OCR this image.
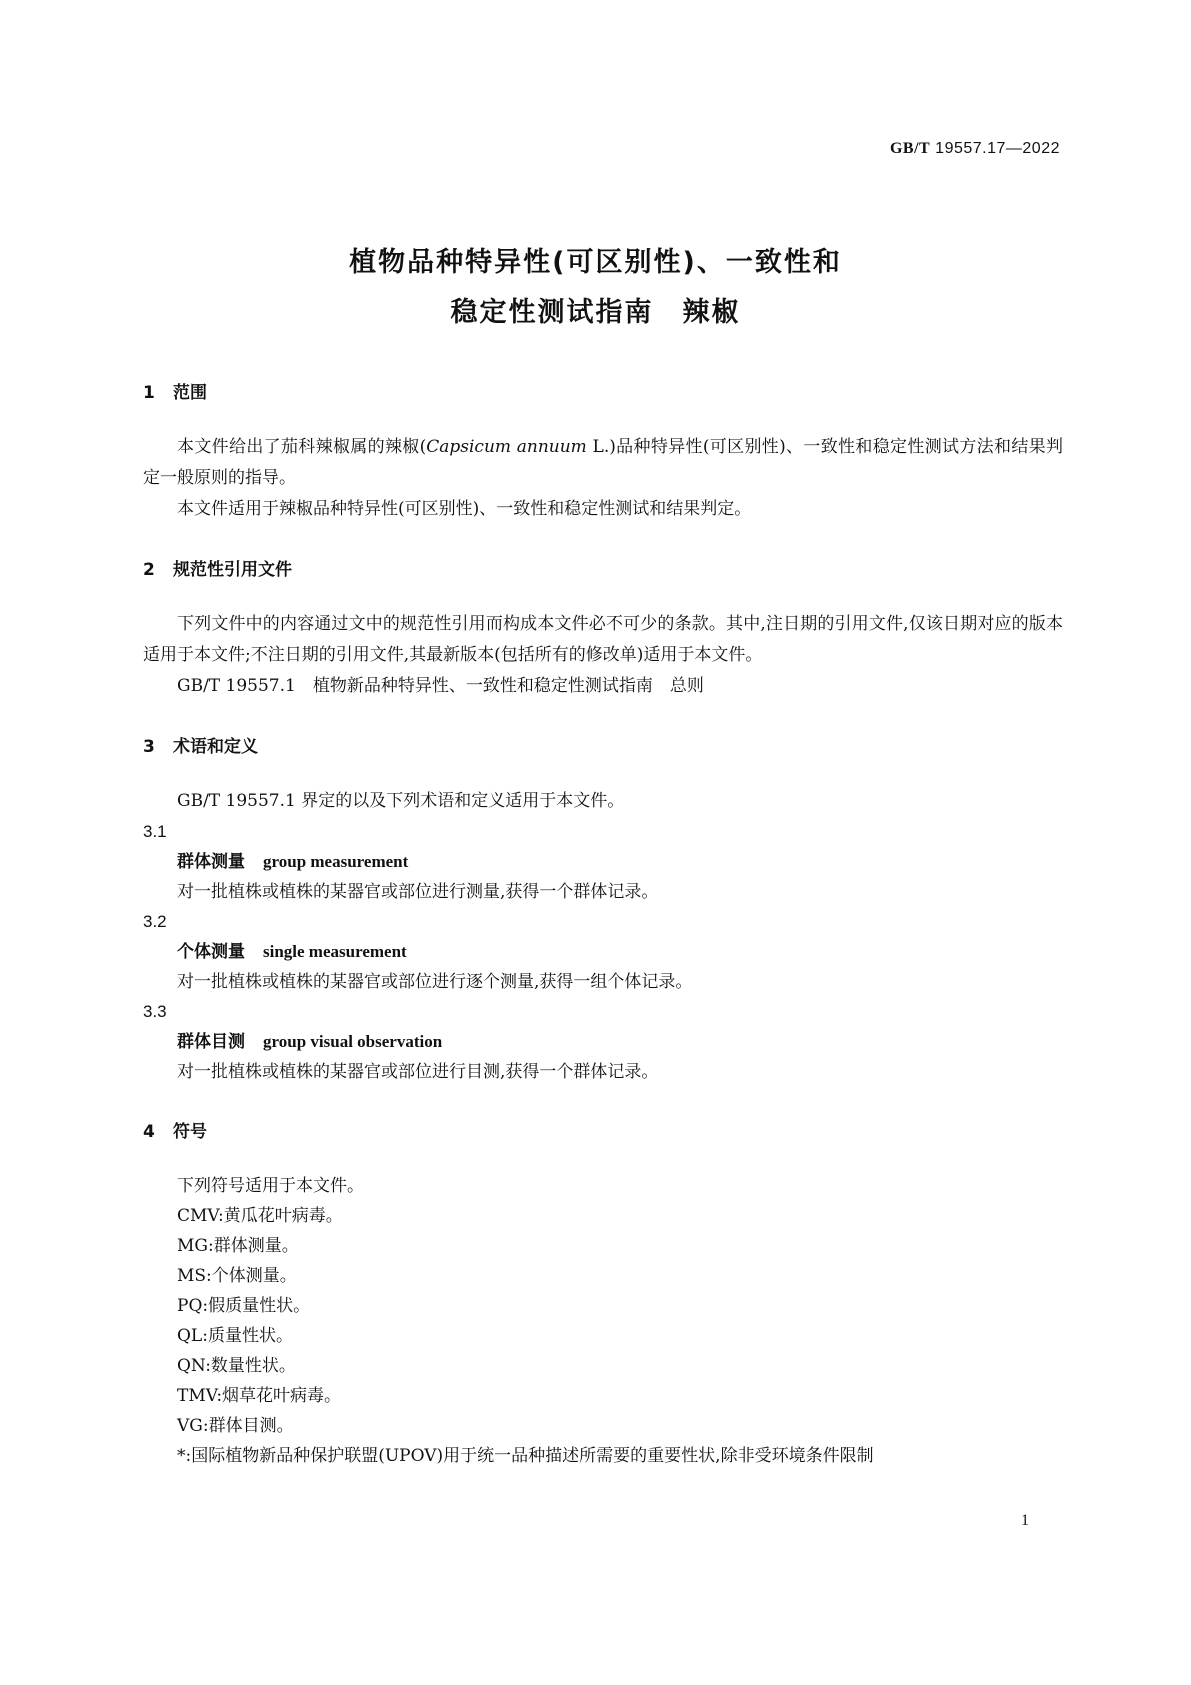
GB/T 19557.17—2022
植物品种特异性(可区别性)、一致性和
稳定性测试指南　辣椒
1 范围

本文件给出了茄科辣椒属的辣椒(Capsicum annuum L.)品种特异性(可区别性)、一致性和稳定性测试方法和结果判定一般原则的指导。

本文件适用于辣椒品种特异性(可区别性)、一致性和稳定性测试和结果判定。

2 规范性引用文件

下列文件中的内容通过文中的规范性引用而构成本文件必不可少的条款。其中,注日期的引用文件,仅该日期对应的版本适用于本文件;不注日期的引用文件,其最新版本(包括所有的修改单)适用于本文件。

GB/T 19557.1　植物新品种特异性、一致性和稳定性测试指南　总则

3 术语和定义

GB/T 19557.1 界定的以及下列术语和定义适用于本文件。

3.1
群体测量 group measurement
对一批植株或植株的某器官或部位进行测量,获得一个群体记录。
3.2
个体测量 single measurement
对一批植株或植株的某器官或部位进行逐个测量,获得一组个体记录。
3.3
群体目测 group visual observation
对一批植株或植株的某器官或部位进行目测,获得一个群体记录。
4 符号
下列符号适用于本文件。
CMV:黄瓜花叶病毒。
MG:群体测量。
MS:个体测量。
PQ:假质量性状。
QL:质量性状。
QN:数量性状。
TMV:烟草花叶病毒。
VG:群体目测。
*:国际植物新品种保护联盟(UPOV)用于统一品种描述所需要的重要性状,除非受环境条件限制
1
